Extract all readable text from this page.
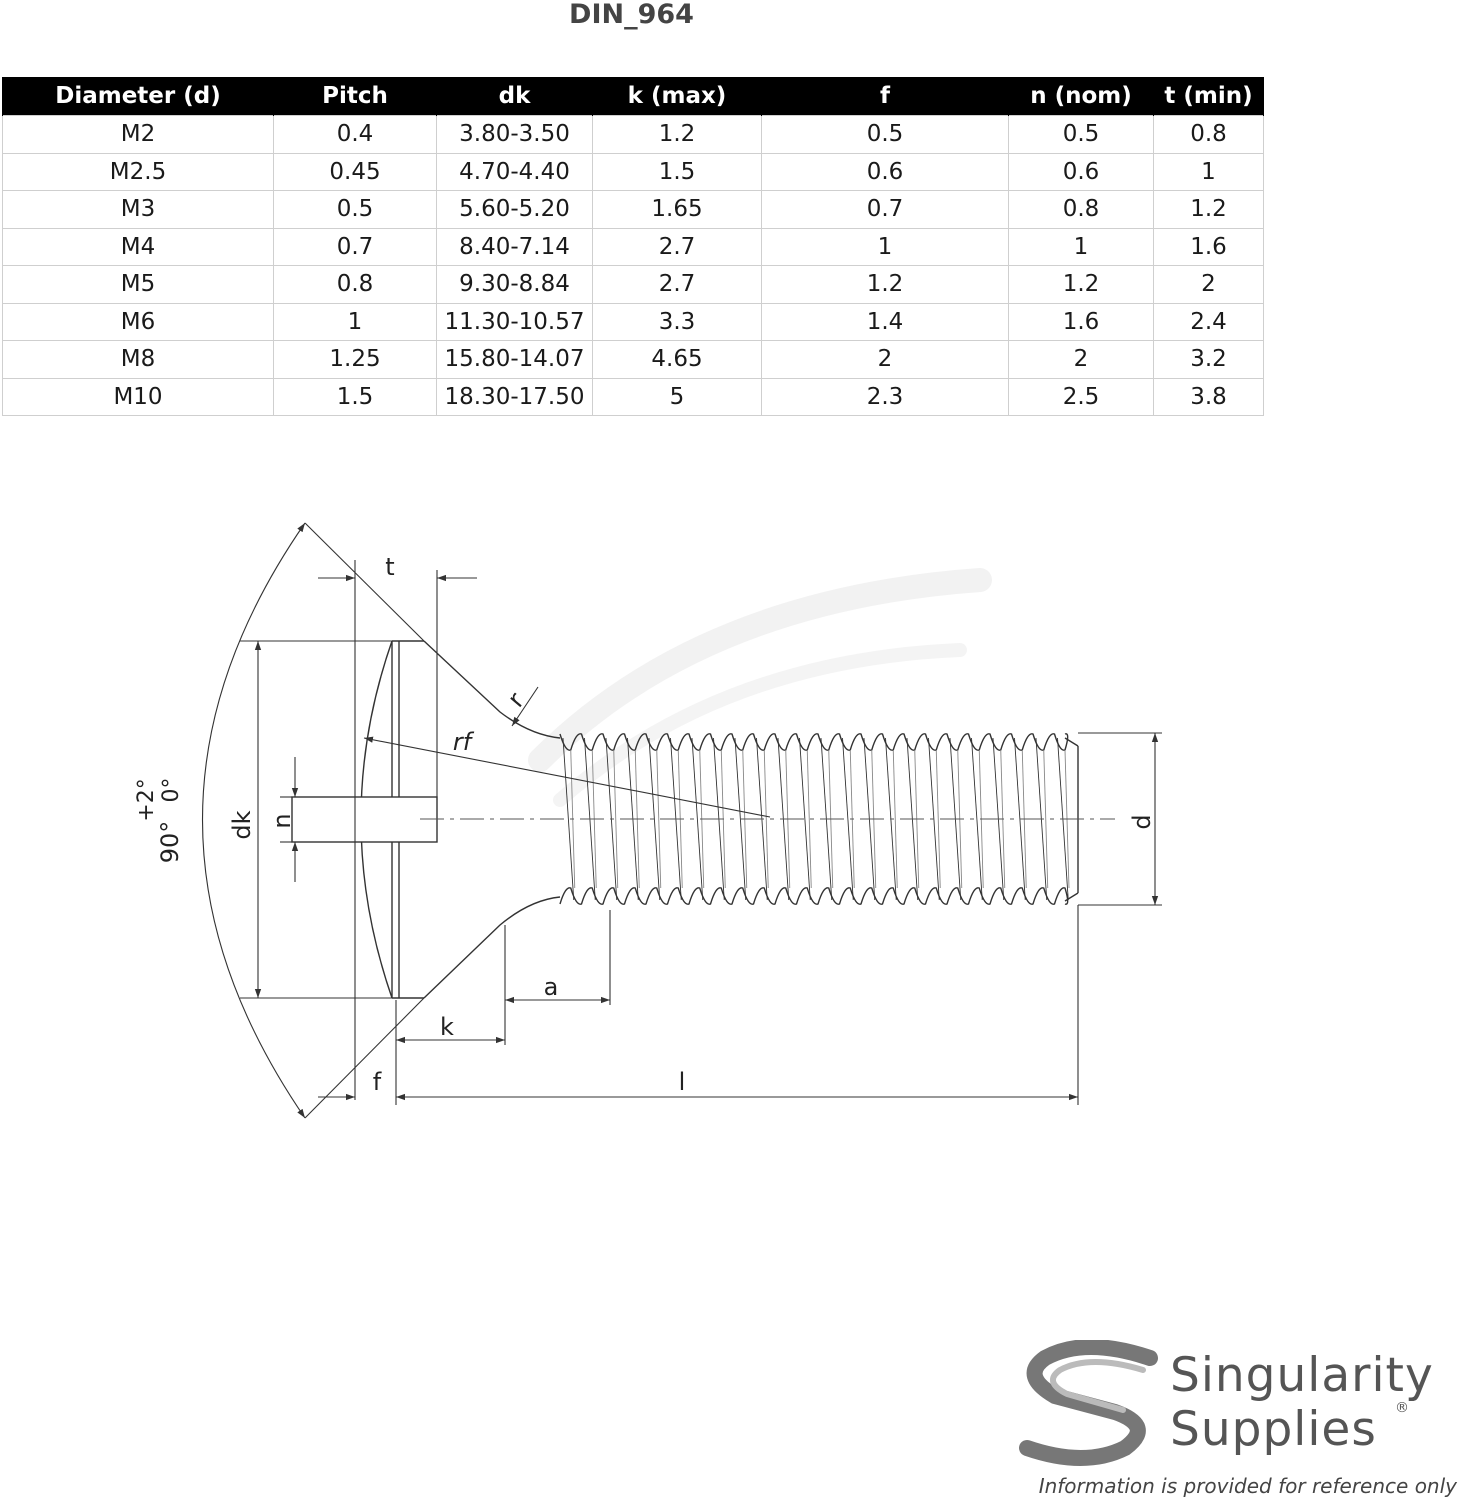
DIN_964
Diameter (d)	Pitch	dk	k (max)	f	n (nom)	t (min)
M2	0.4	3.80-3.50	1.2	0.5	0.5	0.8
M2.5	0.45	4.70-4.40	1.5	0.6	0.6	1
M3	0.5	5.60-5.20	1.65	0.7	0.8	1.2
M4	0.7	8.40-7.14	2.7	1	1	1.6
M5	0.8	9.30-8.84	2.7	1.2	1.2	2
M6	1	11.30-10.57	3.3	1.4	1.6	2.4
M8	1.25	15.80-14.07	4.65	2	2	3.2
M10	1.5	18.30-17.50	5	2.3	2.5	3.8
t
r
rf
dk n	d
a
k
f	l
90°
+2° 0°
Singularity
Supplies ®
Information is provided for reference only
